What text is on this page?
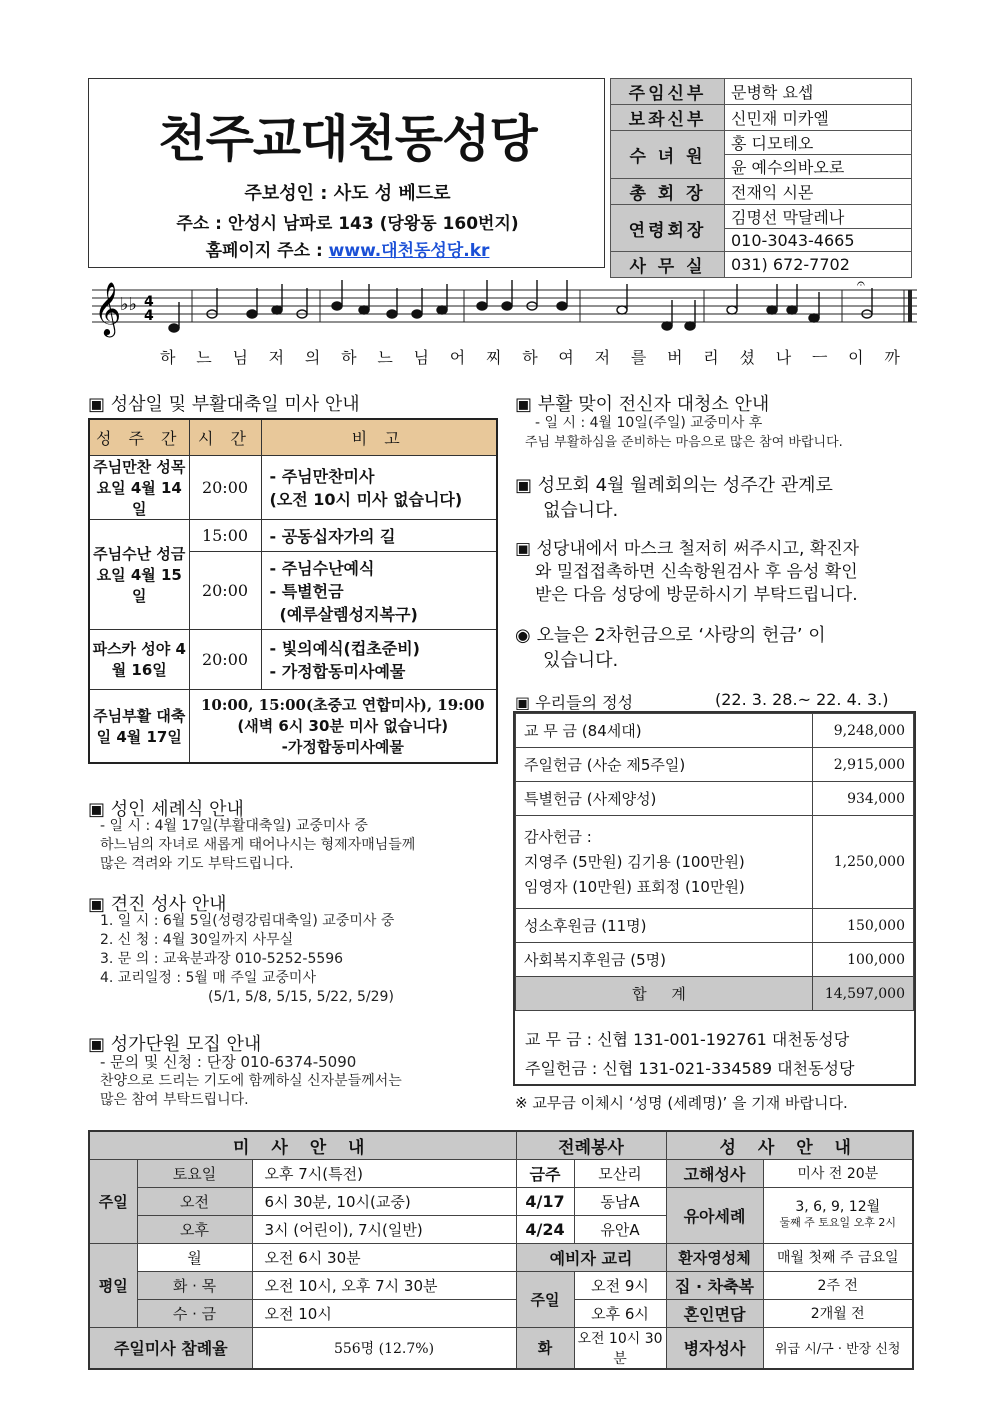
천주교대천동성당
주보성인 : 사도 성 베드로
주소 : 안성시 남파로 143 (당왕동 160번지)
홈페이지 주소 : www.대천동성당.kr
주임신부	문병학 요셉
보좌신부	신민재 미카엘
수 녀 원	홍 디모테오
	윤 예수의바오로
총 회 장	전재익 시몬
연령회장	김명선 막달레나
	010-3043-4665
사 무 실	031) 672-7702
𝄞
♭♭ 4
4
𝄐
하 느 님 저 의 하 느 님 어 찌 하 여 저 를 버 리 셨 나 ㅡ 이 까
▣ 성삼일 및 부활대축일 미사 안내
성 주 간	시 간	비 고
주님만찬 성목요일 4월 14일	20:00	- 주님만찬미사
(오전 10시 미사 없습니다)

주님수난 성금요일 4월 15일	15:00	- 공동십자가의 길
	20:00	- 주님수난예식
- 특별헌금
(예루살렘성지복구)

파스카 성야 4월 16일	20:00	- 빛의예식(컵초준비)
- 가정합동미사예물

주님부활 대축일 4월 17일	10:00, 15:00(초중고 연합미사), 19:00
(새벽 6시 30분 미사 없습니다)
-가정합동미사예물	
▣ 성인 세례식 안내
- 일 시 : 4월 17일(부활대축일) 교중미사 중
하느님의 자녀로 새롭게 태어나시는 형제자매님들께
많은 격려와 기도 부탁드립니다.
▣ 견진 성사 안내
1. 일 시 : 6월 5일(성령강림대축일) 교중미사 중
2. 신 청 : 4월 30일까지 사무실
3. 문 의 : 교육분과장 010-5252-5596
4. 교리일정 : 5월 매 주일 교중미사
(5/1, 5/8, 5/15, 5/22, 5/29)
▣ 성가단원 모집 안내
- 문의 및 신청 : 단장 010-6374-5090
찬양으로 드리는 기도에 함께하실 신자분들께서는
많은 참여 부탁드립니다.
▣ 부활 맞이 전신자 대청소 안내
- 일 시 : 4월 10일(주일) 교중미사 후
주님 부활하심을 준비하는 마음으로 많은 참여 바랍니다.
▣ 성모회 4월 월례회의는 성주간 관계로
없습니다.
▣ 성당내에서 마스크 철저히 써주시고, 확진자
와 밀접접촉하면 신속항원검사 후 음성 확인
받은 다음 성당에 방문하시기 부탁드립니다.
◉ 오늘은 2차헌금으로 ‘사랑의 헌금’ 이
있습니다.
▣ 우리들의 정성	(22. 3. 28.~ 22. 4. 3.)
교 무 금 (84세대)	9,248,000
주일헌금 (사순 제5주일)	2,915,000
특별헌금 (사제양성)	934,000

감사헌금 :
지영주 (5만원) 김기용 (100만원)
임영자 (10만원) 표회정 (10만원)	1,250,000
성소후원금 (11명)	150,000
사회복지후원금 (5명)	100,000
합 계	14,597,000
교 무 금 : 신협 131-001-192761 대천동성당
주일헌금 : 신협 131-021-334589 대천동성당
※ 교무금 이체시 ‘성명 (세례명)’ 을 기재 바랍니다.
미 사 안 내			전례봉사		성 사 안 내	
주일	토요일	오후 7시(특전)	금주	모산리	고해성사	미사 전 20분
	오전	6시 30분, 10시(교중)	4/17	동남A	유아세례	3, 6, 9, 12월
둘째 주 토요일 오후 2시

	오후	3시 (어린이), 7시(일반)	4/24	유안A		
평일	월	오전 6시 30분	예비자 교리		환자영성체	매월 첫째 주 금요일
	화 · 목	오전 10시, 오후 7시 30분	주일	오전 9시	집 · 차축복	2주 전
	수 · 금	오전 10시		오후 6시	혼인면담	2개월 전
주일미사 참례율		556명 (12.7%)	화	오전 10시 30분	병자성사	위급 시/구 · 반장 신청
